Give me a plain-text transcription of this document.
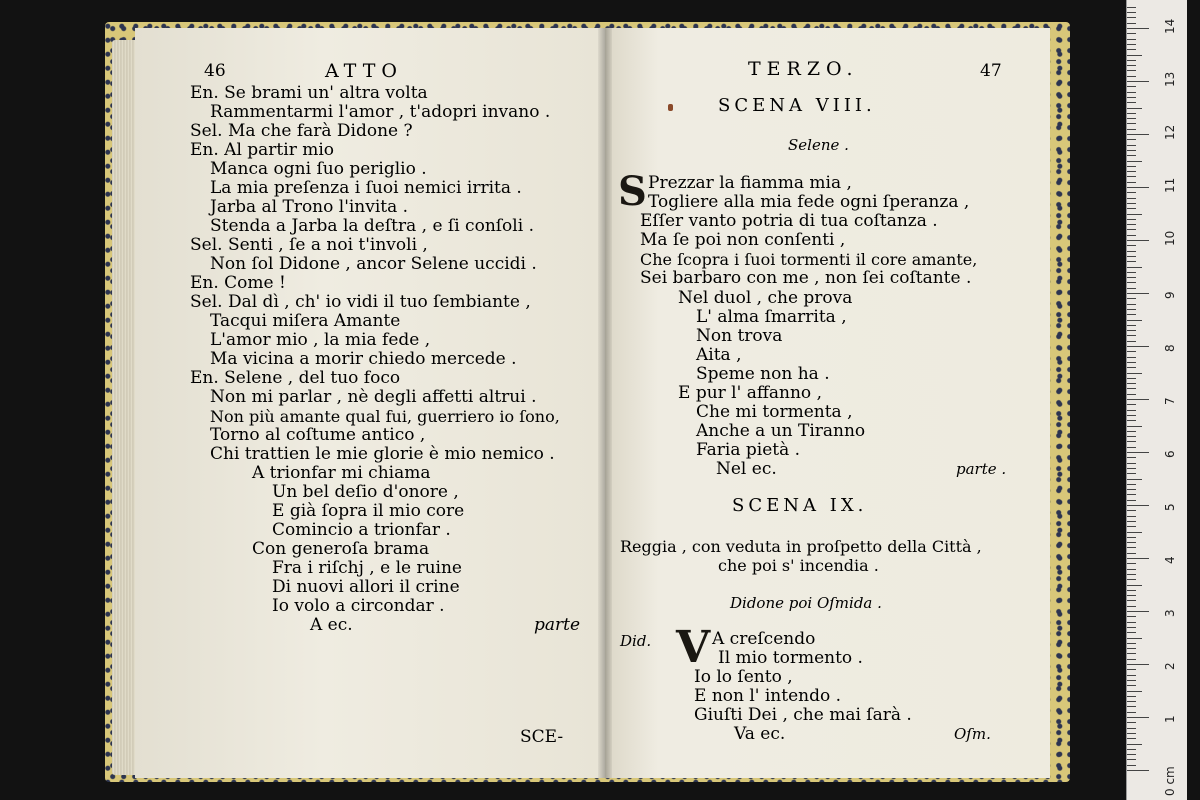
46	ATTO
En. Se brami un' altra volta
Rammentarmi l'amor , t'adopri invano .
Sel. Ma che farà Didone ?
En. Al partir mio
Manca ogni ſuo periglio .
La mia preſenza i ſuoi nemici irrita .
Jarba al Trono l'invita .
Stenda a Jarba la deſtra , e ſi conſoli .
Sel. Senti , ſe a noi t'involi ,
Non ſol Didone , ancor Selene uccidi .
En. Come !
Sel. Dal dì , ch' io vidi il tuo ſembiante ,
Tacqui miſera Amante
L'amor mio , la mia fede ,
Ma vicina a morir chiedo mercede .
En. Selene , del tuo foco
Non mi parlar , nè degli affetti altrui .
Non più amante qual fui, guerriero io ſono,
Torno al coſtume antico ,
Chi trattien le mie glorie è mio nemico .
A trionfar mi chiama
Un bel deſio d'onore ,
E già ſopra il mio core
Comincio a trionfar .
Con generoſa brama
Fra i riſchj , e le ruine
Di nuovi allori il crine
Io volo a circondar .
A ec.	parte
SCE-
TERZO.	47
SCENA VIII.
Selene .
S Prezzar la fiamma mia ,
Togliere alla mia fede ogni ſperanza ,
Eſſer vanto potria di tua coſtanza .
Ma ſe poi non conſenti ,
Che ſcopra i ſuoi tormenti il core amante,
Sei barbaro con me , non ſei coſtante .
Nel duol , che prova
L' alma ſmarrita ,
Non trova
Aita ,
Speme non ha .
E pur l' affanno ,
Che mi tormenta ,
Anche a un Tiranno
Faria pietà .
Nel ec.	parte .
SCENA IX.
Reggia , con veduta in proſpetto della Città ,
che poi s' incendia .
Didone poi Oſmida .
Did. V A creſcendo
Il mio tormento .
Io lo ſento ,
E non l' intendo .
Giuſti Dei , che mai ſarà .
Va ec.	Oſm.
1
2
3
4
5
6
7
8
9
10
11
12
13
14
0 cm
